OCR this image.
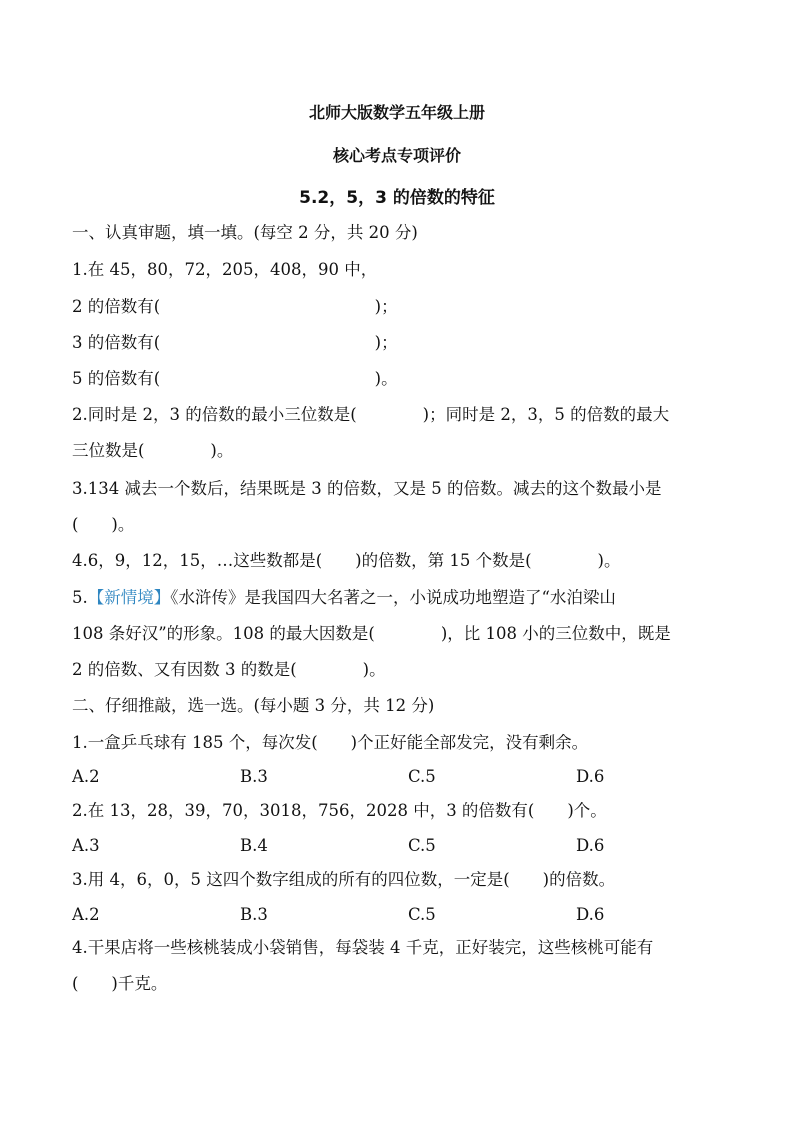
北师大版数学五年级上册
核心考点专项评价
5.2，5，3 的倍数的特征
一、认真审题，填一填。(每空 2 分，共 20 分)
1.在 45，80，72，205，408，90 中，
2 的倍数有(　　　　　　　　　　　　　)；
3 的倍数有(　　　　　　　　　　　　　)；
5 的倍数有(　　　　　　　　　　　　　)。
2.同时是 2，3 的倍数的最小三位数是(　　　　)；同时是 2，3，5 的倍数的最大
三位数是(　　　　)。
3.134 减去一个数后，结果既是 3 的倍数，又是 5 的倍数。减去的这个数最小是
(　　)。
4.6，9，12，15，…这些数都是(　　)的倍数，第 15 个数是(　　　　)。
5.【新情境】《水浒传》是我国四大名著之一，小说成功地塑造了“水泊梁山
108 条好汉”的形象。108 的最大因数是(　　　　)，比 108 小的三位数中，既是
2 的倍数、又有因数 3 的数是(　　　　)。
二、仔细推敲，选一选。(每小题 3 分，共 12 分)
1.一盒乒乓球有 185 个，每次发(　　)个正好能全部发完，没有剩余。
A.2	B.3	C.5	D.6
2.在 13，28，39，70，3018，756，2028 中，3 的倍数有(　　)个。
A.3	B.4	C.5	D.6
3.用 4，6，0，5 这四个数字组成的所有的四位数，一定是(　　)的倍数。
A.2	B.3	C.5	D.6
4.干果店将一些核桃装成小袋销售，每袋装 4 千克，正好装完，这些核桃可能有
(　　)千克。
